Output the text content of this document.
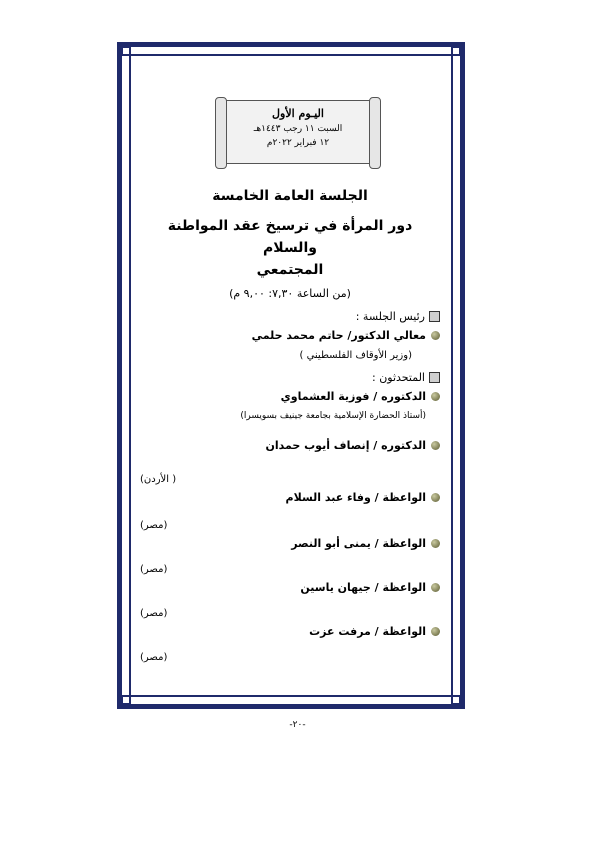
اليـوم الأول
السبت ١١ رجب ١٤٤٣هـ
١٢ فبراير ٢٠٢٢م
الجلسة العامة الخامسة
دور المرأة في ترسيخ عقد المواطنة والسلام
المجتمعي
(من الساعة ٧,٣٠: ٩,٠٠ م)
رئيس الجلسة :
معالي الدكتور/ حاتم محمد حلمي
(وزير الأوقاف الفلسطيني )
المتحدثون :
الدكتوره / فوزية العشماوي
(أستاذ الحضارة الإسلامية بجامعة جينيف بسويسرا)
الدكتوره / إنصاف أيوب حمدان
(الأردن )
الواعظة / وفاء عبد السلام
(مصر)
الواعظة / يمنى أبو النصر
(مصر)
الواعظة / جيهان ياسين
(مصر)
الواعظة / مرفت عزت
(مصر)
-٢٠-
